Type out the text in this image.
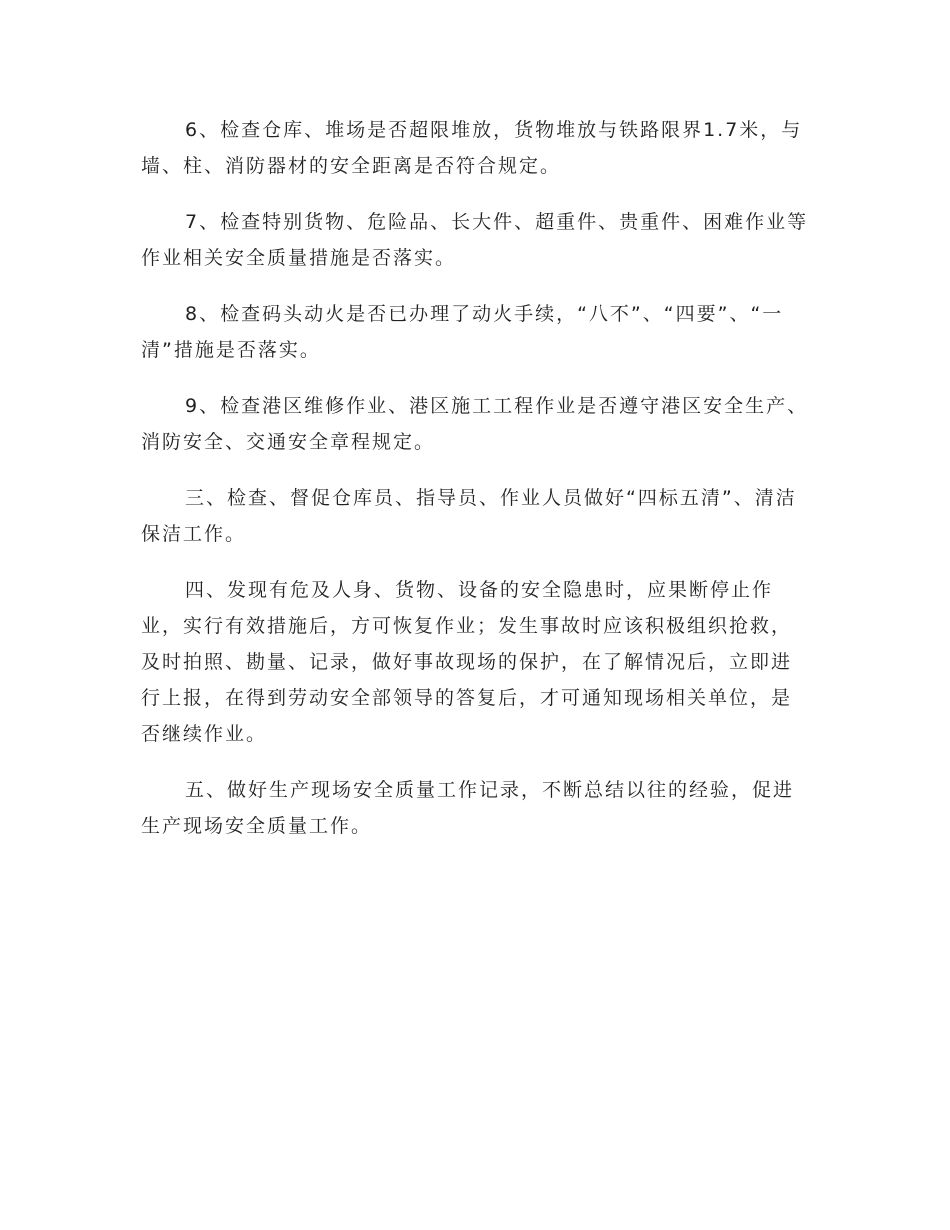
6、检查仓库、堆场是否超限堆放，货物堆放与铁路限界1.7米，与墙、柱、消防器材的安全距离是否符合规定。

7、检查特别货物、危险品、长大件、超重件、贵重件、困难作业等作业相关安全质量措施是否落实。

8、检查码头动火是否已办理了动火手续，“八不”、“四要”、“一清”措施是否落实。

9、检查港区维修作业、港区施工工程作业是否遵守港区安全生产、消防安全、交通安全章程规定。

三、检查、督促仓库员、指导员、作业人员做好“四标五清”、清洁保洁工作。

四、发现有危及人身、货物、设备的安全隐患时，应果断停止作业，实行有效措施后，方可恢复作业；发生事故时应该积极组织抢救，及时拍照、勘量、记录，做好事故现场的保护，在了解情况后，立即进行上报，在得到劳动安全部领导的答复后，才可通知现场相关单位，是否继续作业。

五、做好生产现场安全质量工作记录，不断总结以往的经验，促进生产现场安全质量工作。
